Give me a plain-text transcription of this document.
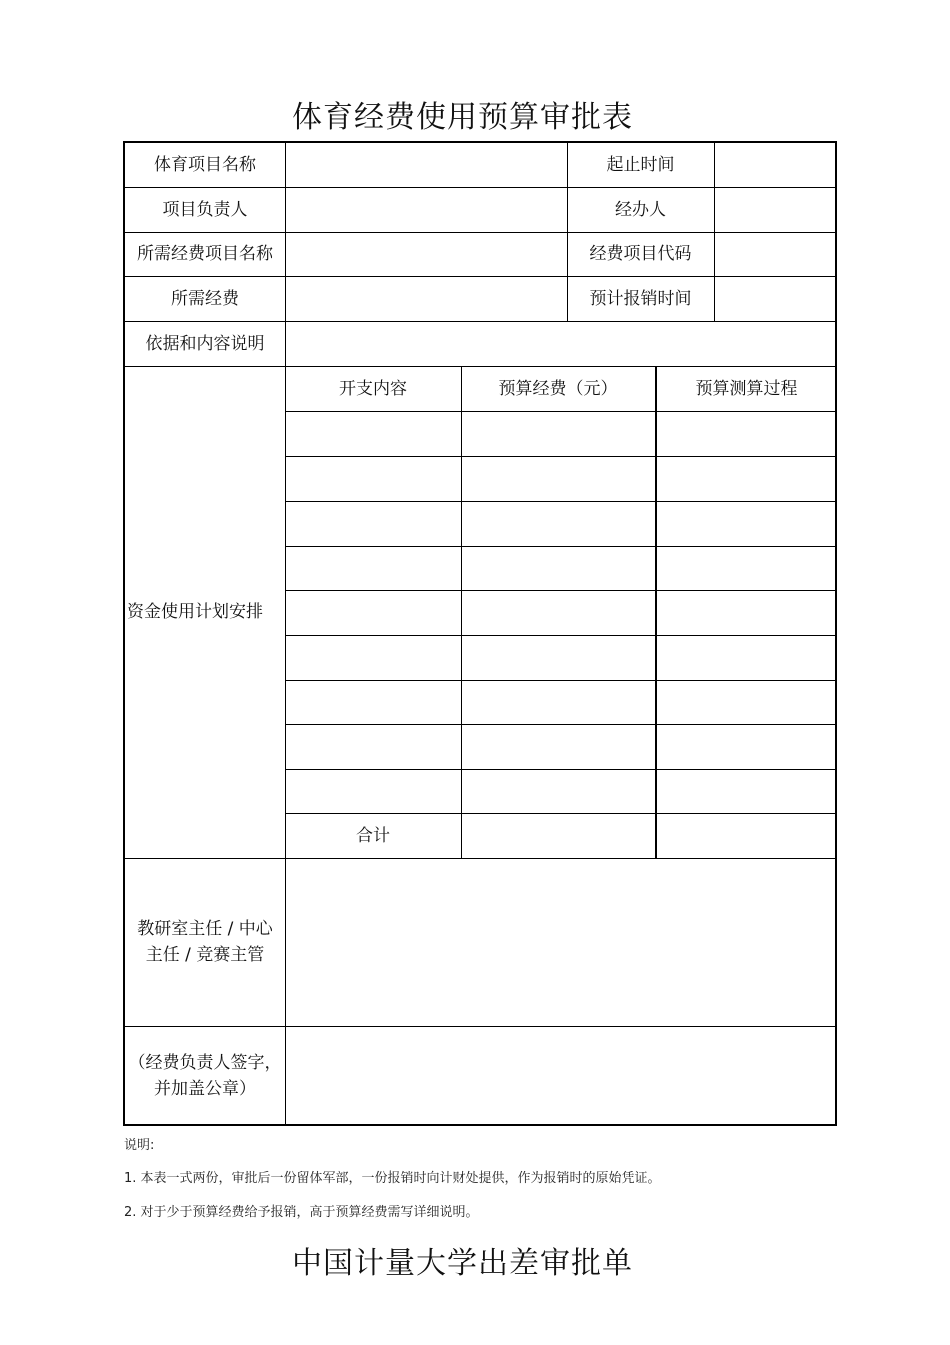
体育经费使用预算审批表
体育项目名称	起止时间
项目负责人	经办人
所需经费项目名称	经费项目代码
所需经费	预计报销时间
依据和内容说明
资金使用计划安排
开支内容	预算经费（元）	预算测算过程
合计
教研室主任 / 中心主任 / 竞赛主管
（经费负责人签字，并加盖公章）
说明:
1. 本表一式两份，审批后一份留体军部，一份报销时向计财处提供，作为报销时的原始凭证。
2. 对于少于预算经费给予报销，高于预算经费需写详细说明。
中国计量大学出差审批单
